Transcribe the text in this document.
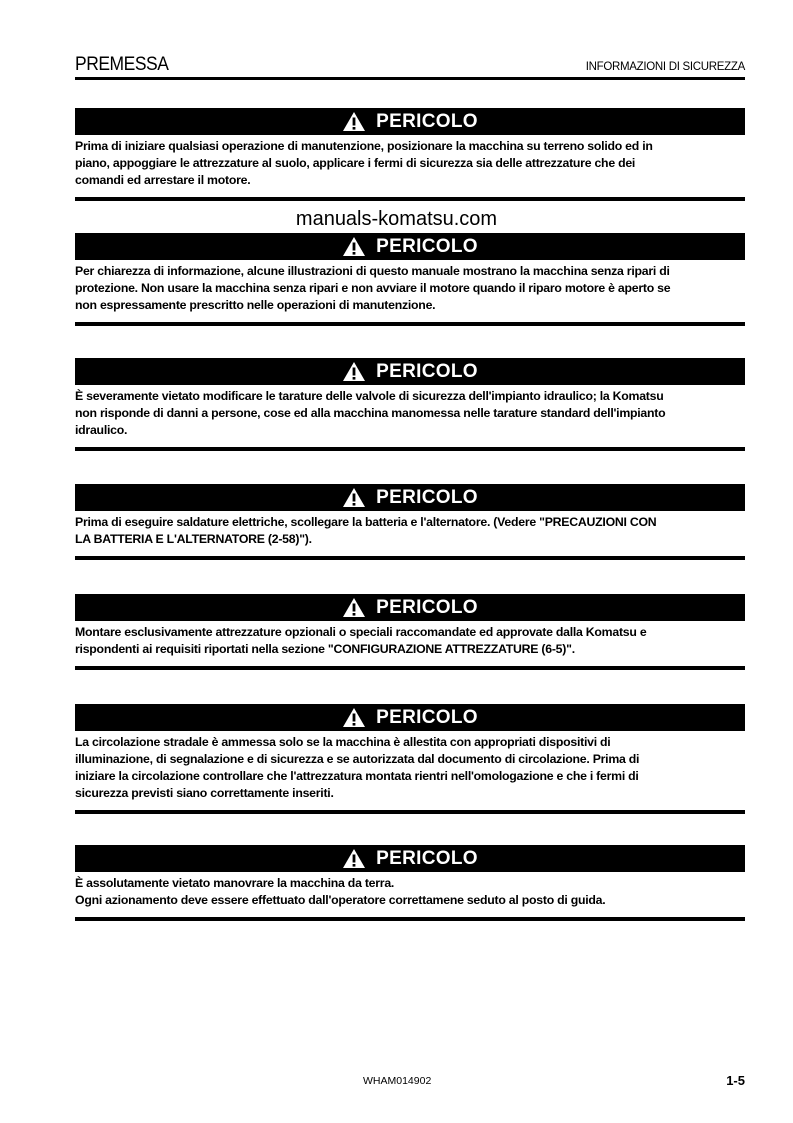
PREMESSA	INFORMAZIONI DI SICUREZZA
manuals-komatsu.com
PERICOLO
Prima di iniziare qualsiasi operazione di manutenzione, posizionare la macchina su terreno solido ed in
piano, appoggiare le attrezzature al suolo, applicare i fermi di sicurezza sia delle attrezzature che dei
comandi ed arrestare il motore.
PERICOLO
Per chiarezza di informazione, alcune illustrazioni di questo manuale mostrano la macchina senza ripari di
protezione. Non usare la macchina senza ripari e non avviare il motore quando il riparo motore è aperto se
non espressamente prescritto nelle operazioni di manutenzione.
PERICOLO
È severamente vietato modificare le tarature delle valvole di sicurezza dell'impianto idraulico; la Komatsu
non risponde di danni a persone, cose ed alla macchina manomessa nelle tarature standard dell'impianto
idraulico.
PERICOLO
Prima di eseguire saldature elettriche, scollegare la batteria e l'alternatore. (Vedere "PRECAUZIONI CON
LA BATTERIA E L'ALTERNATORE (2-58)").
PERICOLO
Montare esclusivamente attrezzature opzionali o speciali raccomandate ed approvate dalla Komatsu e
rispondenti ai requisiti riportati nella sezione "CONFIGURAZIONE ATTREZZATURE (6-5)".
PERICOLO
La circolazione stradale è ammessa solo se la macchina è allestita con appropriati dispositivi di
illuminazione, di segnalazione e di sicurezza e se autorizzata dal documento di circolazione. Prima di
iniziare la circolazione controllare che l'attrezzatura montata rientri nell'omologazione e che i fermi di
sicurezza previsti siano correttamente inseriti.
PERICOLO
È assolutamente vietato manovrare la macchina da terra.
Ogni azionamento deve essere effettuato dall'operatore correttamene seduto al posto di guida.
WHAM014902	1-5
